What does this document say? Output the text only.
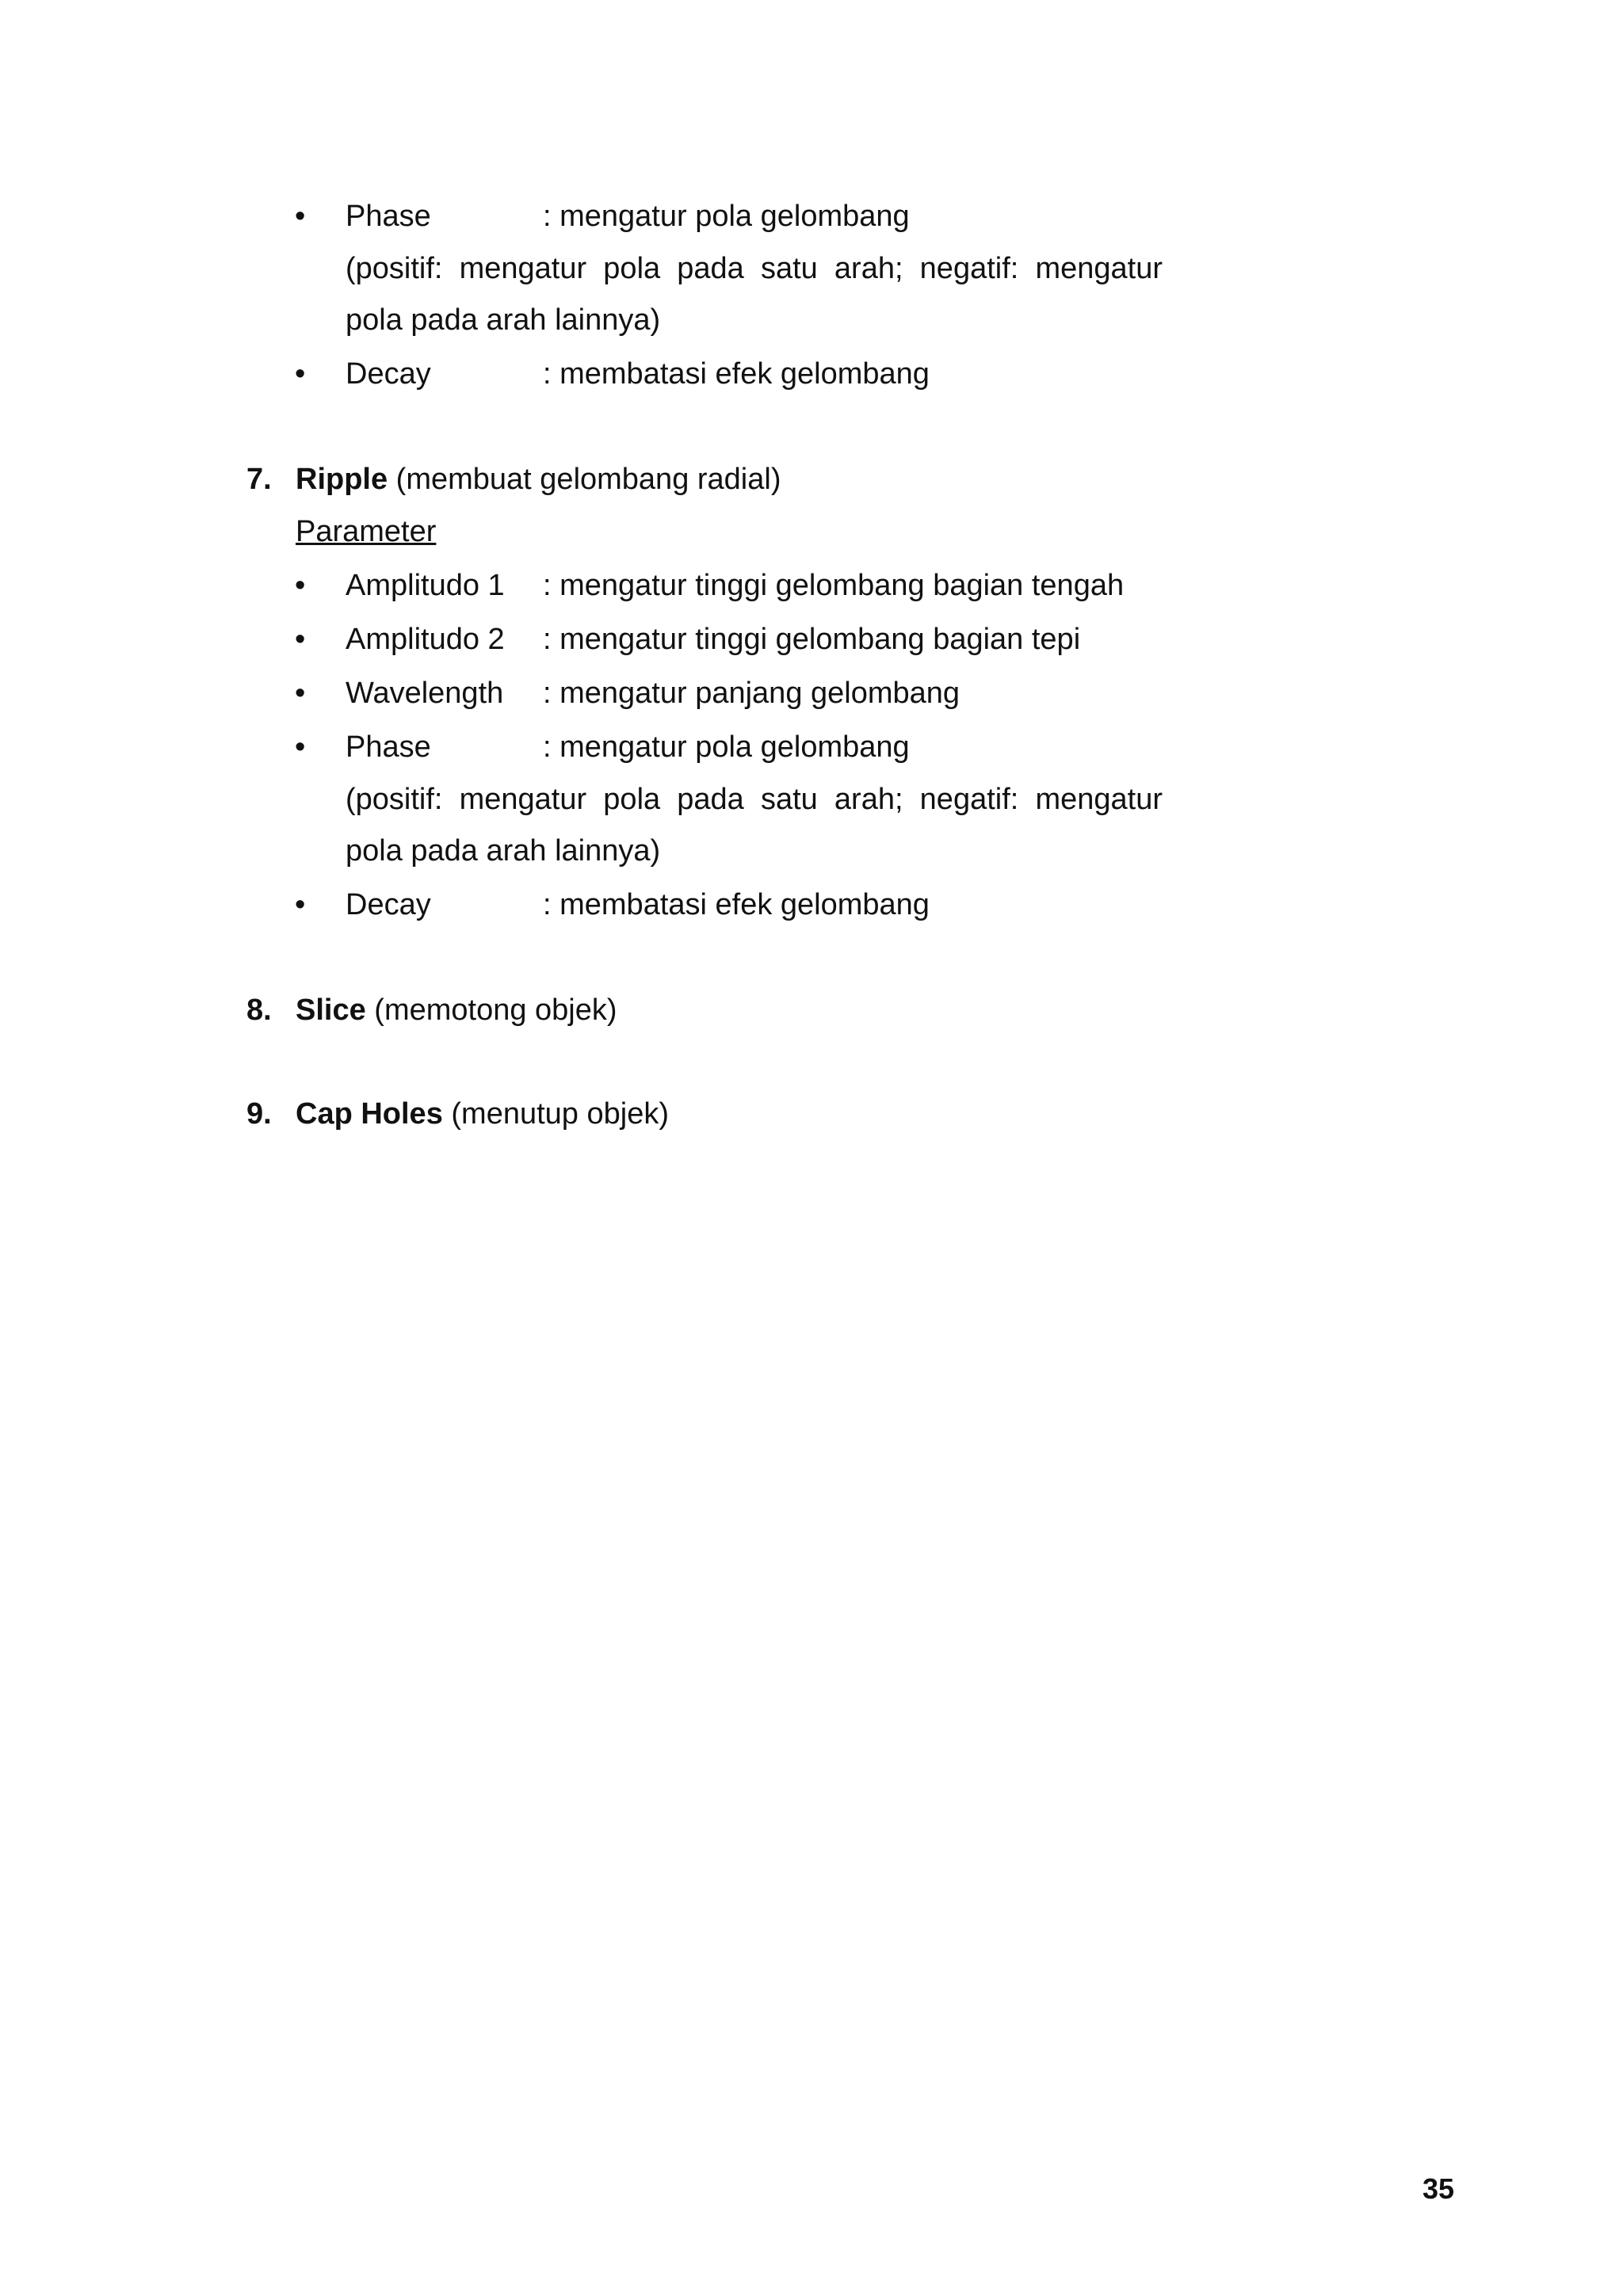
• Phase	: mengatur pola gelombang
(positif: mengatur pola pada satu arah; negatif: mengatur
pola pada arah lainnya)
• Decay	: membatasi efek gelombang
7. Ripple (membuat gelombang radial)
Parameter
• Amplitudo 1 : mengatur tinggi gelombang bagian tengah
• Amplitudo 2 : mengatur tinggi gelombang bagian tepi
• Wavelength : mengatur panjang gelombang
• Phase	: mengatur pola gelombang
(positif: mengatur pola pada satu arah; negatif: mengatur
pola pada arah lainnya)
• Decay	: membatasi efek gelombang
8. Slice (memotong objek)
9. Cap Holes (menutup objek)
35
